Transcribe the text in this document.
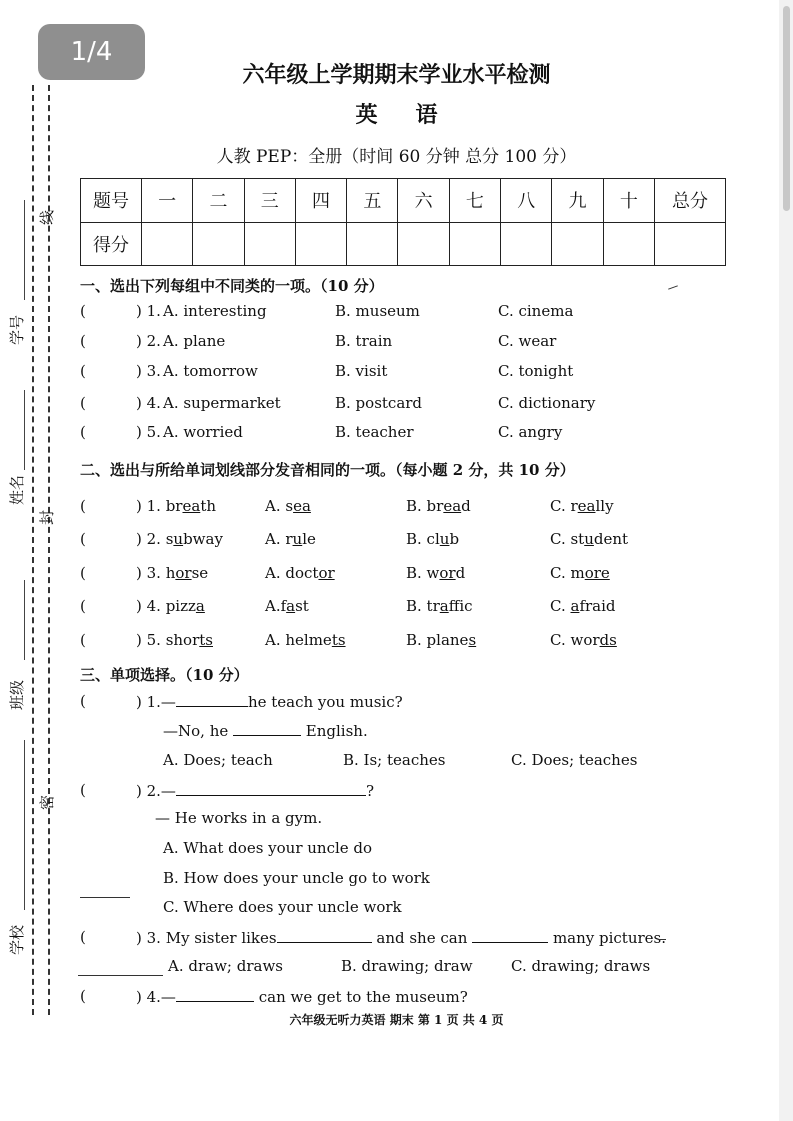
1/4
学号
姓名
班级
学校
线
封
密
六年级上学期期末学业水平检测
英语
人教 PEP：全册（时间 60 分钟 总分 100 分）
题号	一	二	三	四	五	六	七	八	九	十	总分
得分											
一、选出下列每组中不同类的一项。（10 分）
(	) 1. A. interesting	B. museum	C. cinema
(	) 2. A. plane	B. train	C. wear
(	) 3. A. tomorrow	B. visit	C. tonight
(	) 4. A. supermarket	B. postcard	C. dictionary
(	) 5. A. worried	B. teacher	C. angry
二、选出与所给单词划线部分发音相同的一项。（每小题 2 分，共 10 分）
(	) 1. breath	A. sea	B. bread	C. really
(	) 2. subway	A. rule	B. club	C. student
(	) 3. horse	A. doctor	B. word	C. more
(	) 4. pizza	A.fast	B. traffic	C. afraid
(	) 5. shorts	A. helmets	B. planes	C. words
三、单项选择。（10 分）
(	) 1.—	he teach you music?
—No, he	English.
A. Does; teach	B. Is; teaches	C. Does; teaches
(	) 2.—	?
— He works in a gym.
A. What does your uncle do
B. How does your uncle go to work
C. Where does your uncle work
(	) 3. My sister likes	and she can	many pictures.
A. draw; draws	B. drawing; draw	C. drawing; draws
(	) 4.—	can we get to the museum?
六年级无听力英语 期末 第 1 页 共 4 页
